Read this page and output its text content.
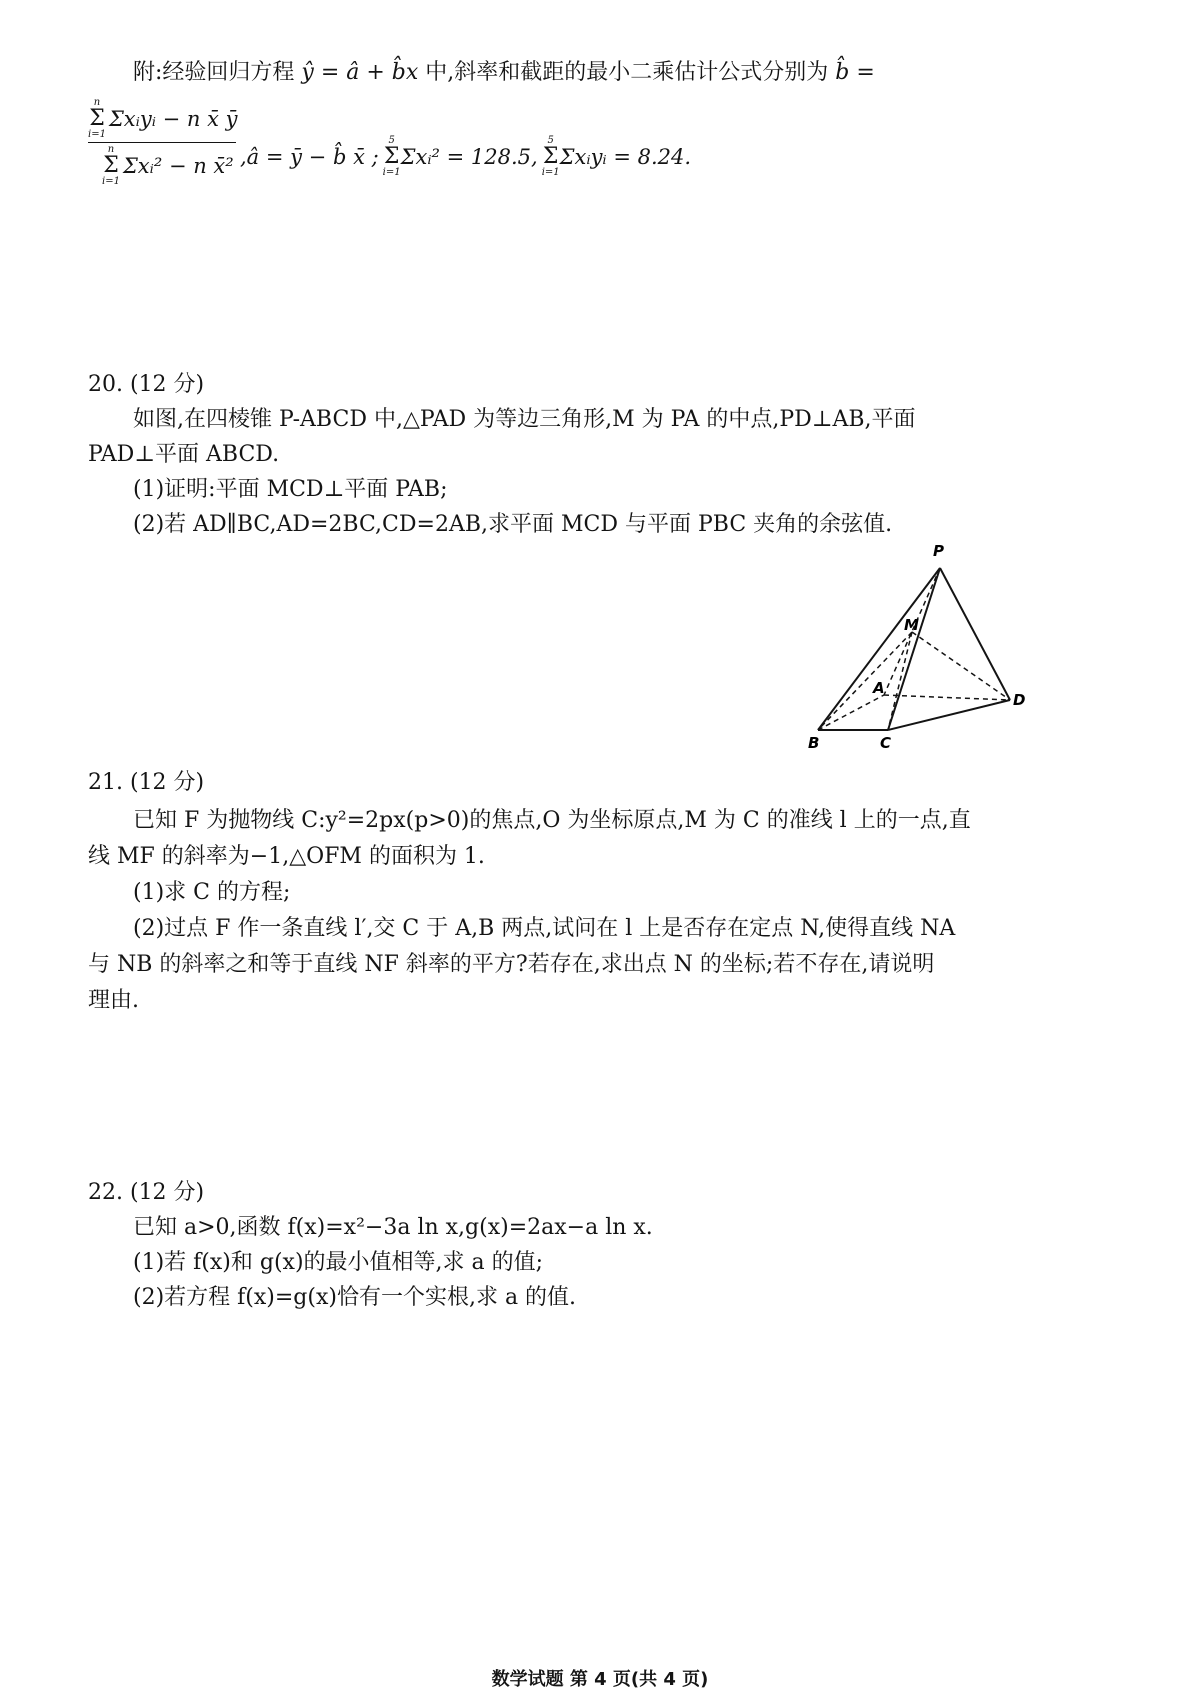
附:经验回归方程 ŷ = â + b̂x 中,斜率和截距的最小二乘估计公式分别为 b̂ =
n
Σ
i=1
Σxᵢyᵢ − n x̄ ȳ
n
Σ
i=1
Σxᵢ² − n x̄² ,â = ȳ − b̂ x̄ ;
5
Σ
i=1
Σxᵢ² = 128.5,
5
Σ
i=1
Σxᵢyᵢ = 8.24.
20. (12 分)
如图,在四棱锥 P-ABCD 中,△PAD 为等边三角形,M 为 PA 的中点,PD⊥AB,平面
PAD⊥平面 ABCD.
(1)证明:平面 MCD⊥平面 PAB;
(2)若 AD∥BC,AD=2BC,CD=2AB,求平面 MCD 与平面 PBC 夹角的余弦值.
P
M
A
B	C
D
21. (12 分)
已知 F 为抛物线 C:y²=2px(p>0)的焦点,O 为坐标原点,M 为 C 的准线 l 上的一点,直
线 MF 的斜率为−1,△OFM 的面积为 1.
(1)求 C 的方程;
(2)过点 F 作一条直线 l′,交 C 于 A,B 两点,试问在 l 上是否存在定点 N,使得直线 NA
与 NB 的斜率之和等于直线 NF 斜率的平方?若存在,求出点 N 的坐标;若不存在,请说明
理由.
22. (12 分)
已知 a>0,函数 f(x)=x²−3a ln x,g(x)=2ax−a ln x.
(1)若 f(x)和 g(x)的最小值相等,求 a 的值;
(2)若方程 f(x)=g(x)恰有一个实根,求 a 的值.
数学试题 第 4 页(共 4 页)
